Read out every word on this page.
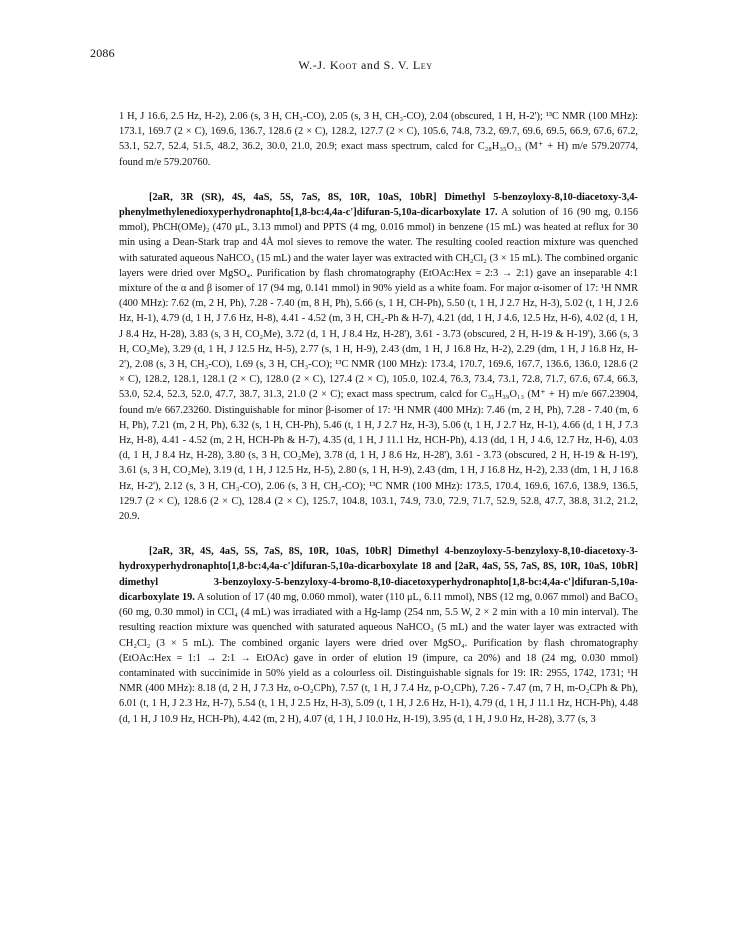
2086
W.-J. Koot and S. V. Ley

1 H, J 16.6, 2.5 Hz, H-2), 2.06 (s, 3 H, CH₃-CO), 2.05 (s, 3 H, CH₃-CO), 2.04 (obscured, 1 H, H-2'); ¹³C NMR (100 MHz): 173.1, 169.7 (2 × C), 169.6, 136.7, 128.6 (2 × C), 128.2, 127.7 (2 × C), 105.6, 74.8, 73.2, 69.7, 69.6, 69.5, 66.9, 67.6, 67.2, 53.1, 52.7, 52.4, 51.5, 48.2, 36.2, 30.0, 21.0, 20.9; exact mass spectrum, calcd for C₂₈H₃₅O₁₃ (M⁺ + H) m/e 579.20774, found m/e 579.20760.

[2aR, 3R (SR), 4S, 4aS, 5S, 7aS, 8S, 10R, 10aS, 10bR] Dimethyl 5-benzoyloxy-8,10-diacetoxy-3,4-phenylmethylenedioxyperhydronaphto[1,8-bc:4,4a-c']difuran-5,10a-dicarboxylate 17. A solution of 16 (90 mg, 0.156 mmol), PhCH(OMe)₂ (470 μL, 3.13 mmol) and PPTS (4 mg, 0.016 mmol) in benzene (15 mL) was heated at reflux for 30 min using a Dean-Stark trap and 4Å mol sieves to remove the water. The resulting cooled reaction mixture was quenched with saturated aqueous NaHCO₃ (15 mL) and the water layer was extracted with CH₂Cl₂ (3 × 15 mL). The combined organic layers were dried over MgSO₄. Purification by flash chromatography (EtOAc:Hex = 2:3 → 2:1) gave an inseparable 4:1 mixture of the α and β isomer of 17 (94 mg, 0.141 mmol) in 90% yield as a white foam. For major α-isomer of 17: ¹H NMR (400 MHz): 7.62 (m, 2 H, Ph), 7.28 - 7.40 (m, 8 H, Ph), 5.66 (s, 1 H, CH-Ph), 5.50 (t, 1 H, J 2.7 Hz, H-3), 5.02 (t, 1 H, J 2.6 Hz, H-1), 4.79 (d, 1 H, J 7.6 Hz, H-8), 4.41 - 4.52 (m, 3 H, CH₂-Ph & H-7), 4.21 (dd, 1 H, J 4.6, 12.5 Hz, H-6), 4.02 (d, 1 H, J 8.4 Hz, H-28), 3.83 (s, 3 H, CO₂Me), 3.72 (d, 1 H, J 8.4 Hz, H-28'), 3.61 - 3.73 (obscured, 2 H, H-19 & H-19'), 3.66 (s, 3 H, CO₂Me), 3.29 (d, 1 H, J 12.5 Hz, H-5), 2.77 (s, 1 H, H-9), 2.43 (dm, 1 H, J 16.8 Hz, H-2), 2.29 (dm, 1 H, J 16.8 Hz, H-2'), 2.08 (s, 3 H, CH₃-CO), 1.69 (s, 3 H, CH₃-CO); ¹³C NMR (100 MHz): 173.4, 170.7, 169.6, 167.7, 136.6, 136.0, 128.6 (2 × C), 128.2, 128.1, 128.1 (2 × C), 128.0 (2 × C), 127.4 (2 × C), 105.0, 102.4, 76.3, 73.4, 73.1, 72.8, 71.7, 67.6, 67.4, 66.3, 53.0, 52.4, 52.3, 52.0, 47.7, 38.7, 31.3, 21.0 (2 × C); exact mass spectrum, calcd for C₃₅H₃₉O₁₃ (M⁺ + H) m/e 667.23904, found m/e 667.23260. Distinguishable for minor β-isomer of 17: ¹H NMR (400 MHz): 7.46 (m, 2 H, Ph), 7.28 - 7.40 (m, 6 H, Ph), 7.21 (m, 2 H, Ph), 6.32 (s, 1 H, CH-Ph), 5.46 (t, 1 H, J 2.7 Hz, H-3), 5.06 (t, 1 H, J 2.7 Hz, H-1), 4.66 (d, 1 H, J 7.3 Hz, H-8), 4.41 - 4.52 (m, 2 H, HCH-Ph & H-7), 4.35 (d, 1 H, J 11.1 Hz, HCH-Ph), 4.13 (dd, 1 H, J 4.6, 12.7 Hz, H-6), 4.03 (d, 1 H, J 8.4 Hz, H-28), 3.80 (s, 3 H, CO₂Me), 3.78 (d, 1 H, J 8.6 Hz, H-28'), 3.61 - 3.73 (obscured, 2 H, H-19 & H-19'), 3.61 (s, 3 H, CO₂Me), 3.19 (d, 1 H, J 12.5 Hz, H-5), 2.80 (s, 1 H, H-9), 2.43 (dm, 1 H, J 16.8 Hz, H-2), 2.33 (dm, 1 H, J 16.8 Hz, H-2'), 2.12 (s, 3 H, CH₃-CO), 2.06 (s, 3 H, CH₃-CO); ¹³C NMR (100 MHz): 173.5, 170.4, 169.6, 167.6, 138.9, 136.5, 129.7 (2 × C), 128.6 (2 × C), 128.4 (2 × C), 125.7, 104.8, 103.1, 74.9, 73.0, 72.9, 71.7, 52.9, 52.8, 47.7, 38.8, 31.2, 21.2, 20.9.

[2aR, 3R, 4S, 4aS, 5S, 7aS, 8S, 10R, 10aS, 10bR] Dimethyl 4-benzoyloxy-5-benzyloxy-8,10-diacetoxy-3-hydroxyperhydronaphto[1,8-bc:4,4a-c']difuran-5,10a-dicarboxylate 18 and [2aR, 4aS, 5S, 7aS, 8S, 10R, 10aS, 10bR] dimethyl 3-benzoyloxy-5-benzyloxy-4-bromo-8,10-diacetoxyperhydronaphto[1,8-bc:4,4a-c']difuran-5,10a-dicarboxylate 19. A solution of 17 (40 mg, 0.060 mmol), water (110 μL, 6.11 mmol), NBS (12 mg, 0.067 mmol) and BaCO₃ (60 mg, 0.30 mmol) in CCl₄ (4 mL) was irradiated with a Hg-lamp (254 nm, 5.5 W, 2 × 2 min with a 10 min interval). The resulting reaction mixture was quenched with saturated aqueous NaHCO₃ (5 mL) and the water layer was extracted with CH₂Cl₂ (3 × 5 mL). The combined organic layers were dried over MgSO₄. Purification by flash chromatography (EtOAc:Hex = 1:1 → 2:1 → EtOAc) gave in order of elution 19 (impure, ca 20%) and 18 (24 mg, 0.030 mmol) contaminated with succinimide in 50% yield as a colourless oil. Distinguishable signals for 19: IR: 2955, 1742, 1731; ¹H NMR (400 MHz): 8.18 (d, 2 H, J 7.3 Hz, o-O₂CPh), 7.57 (t, 1 H, J 7.4 Hz, p-O₂CPh), 7.26 - 7.47 (m, 7 H, m-O₂CPh & Ph), 6.01 (t, 1 H, J 2.3 Hz, H-7), 5.54 (t, 1 H, J 2.5 Hz, H-3), 5.09 (t, 1 H, J 2.6 Hz, H-1), 4.79 (d, 1 H, J 11.1 Hz, HCH-Ph), 4.48 (d, 1 H, J 10.9 Hz, HCH-Ph), 4.42 (m, 2 H), 4.07 (d, 1 H, J 10.0 Hz, H-19), 3.95 (d, 1 H, J 9.0 Hz, H-28), 3.77 (s, 3
